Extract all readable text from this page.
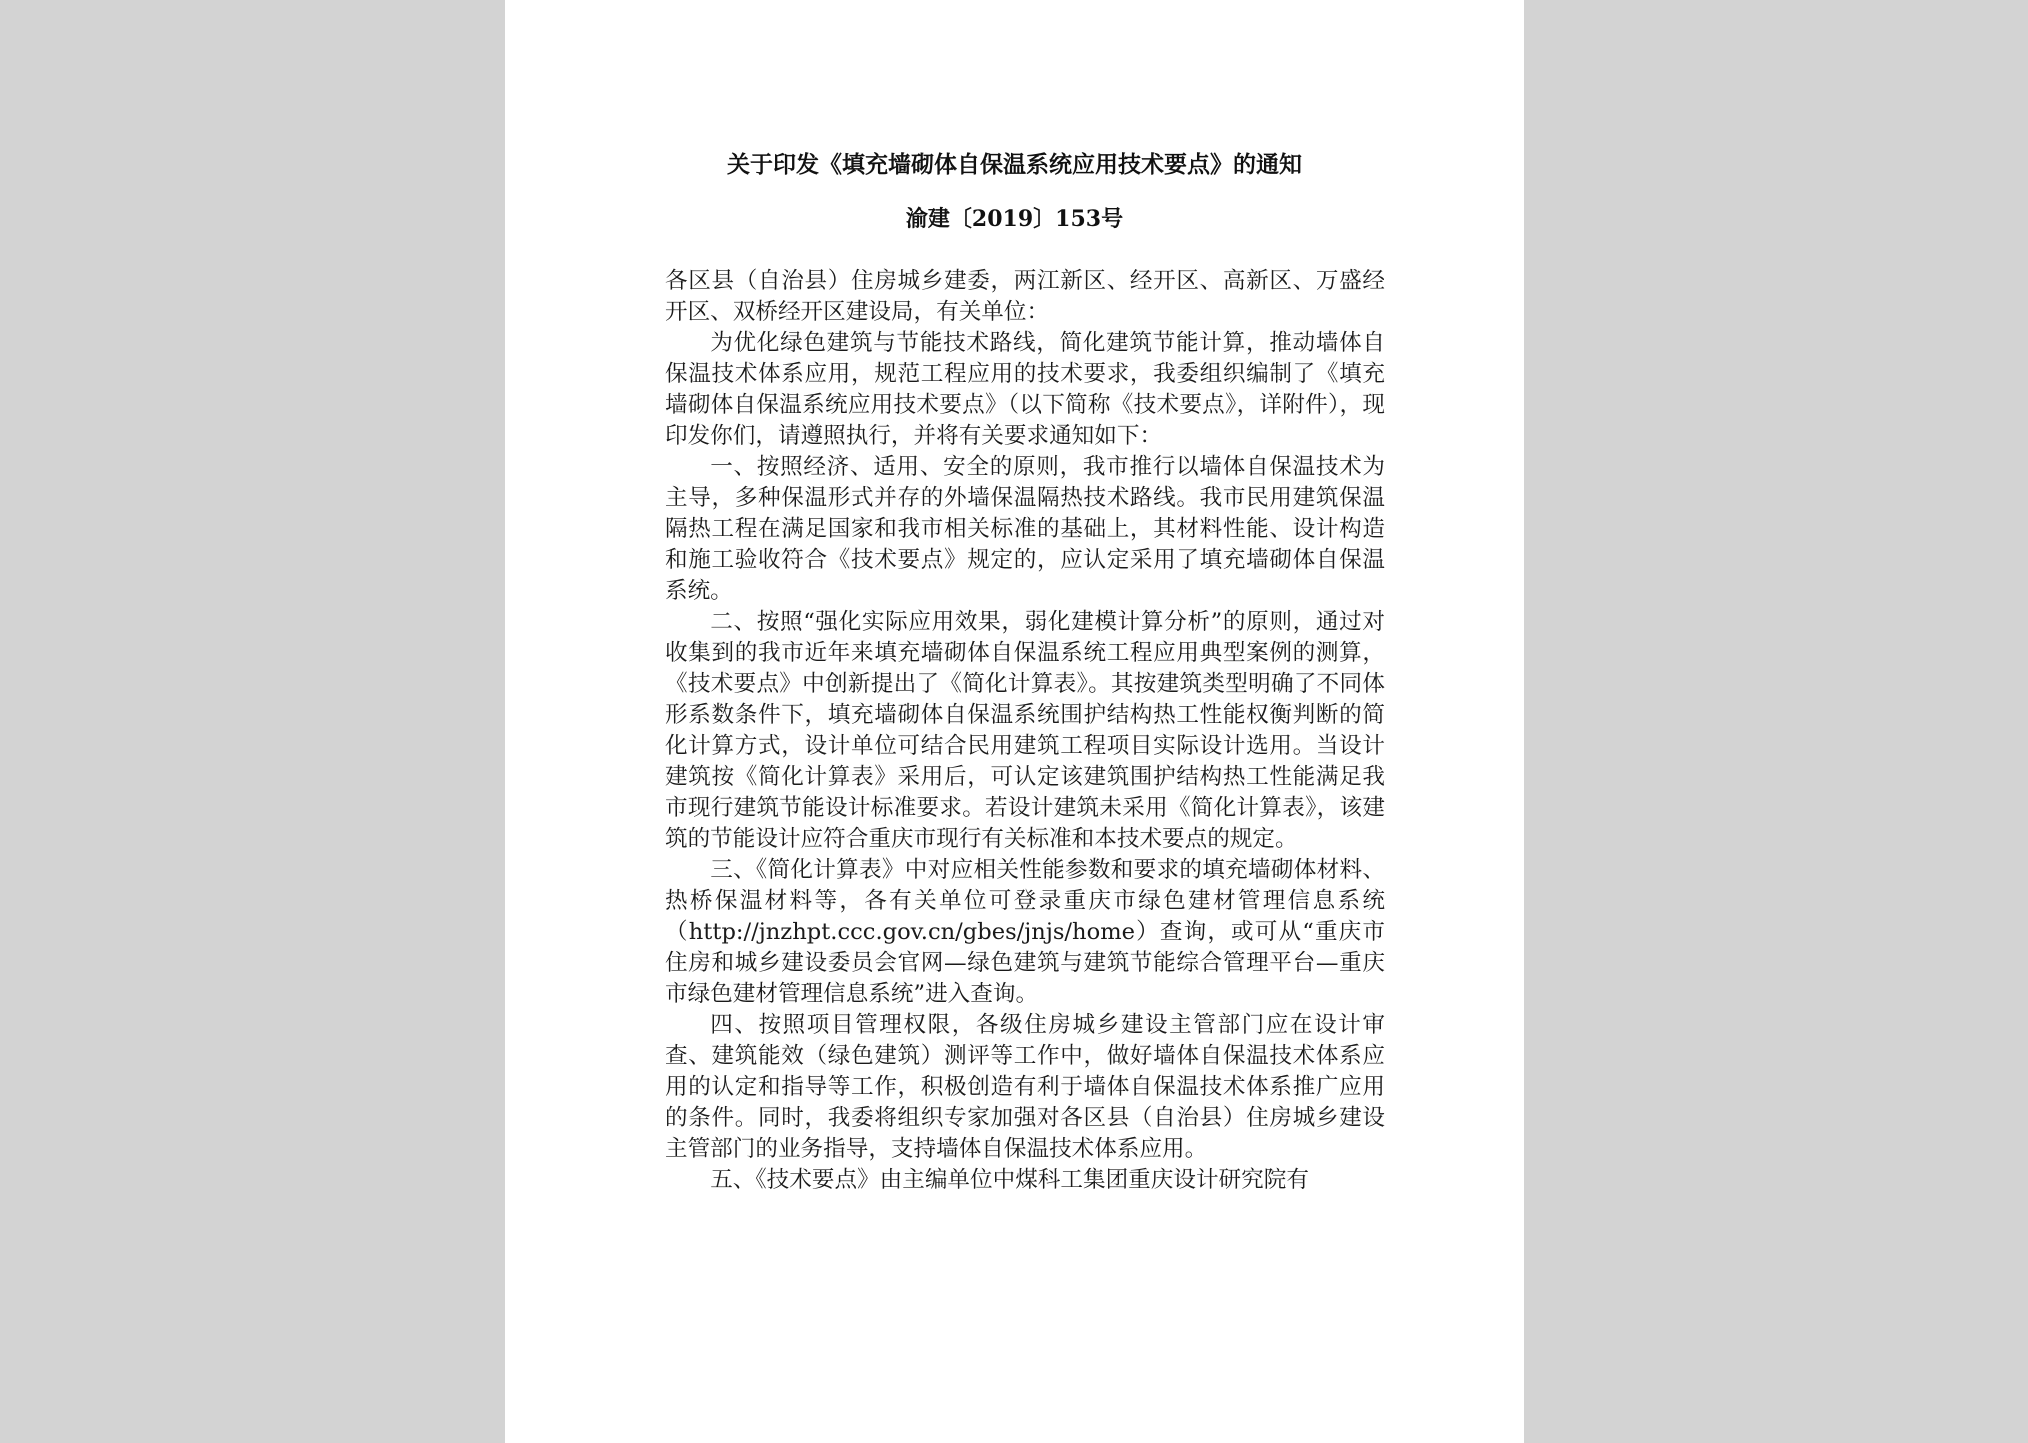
关于印发《填充墙砌体自保温系统应用技术要点》的通知
渝建〔2019〕153号

各区县（自治县）住房城乡建委，两江新区、经开区、高新区、万盛经开区、双桥经开区建设局，有关单位：

为优化绿色建筑与节能技术路线，简化建筑节能计算，推动墙体自保温技术体系应用，规范工程应用的技术要求，我委组织编制了《填充墙砌体自保温系统应用技术要点》（以下简称《技术要点》，详附件），现印发你们，请遵照执行，并将有关要求通知如下：

一、按照经济、适用、安全的原则，我市推行以墙体自保温技术为主导，多种保温形式并存的外墙保温隔热技术路线。我市民用建筑保温隔热工程在满足国家和我市相关标准的基础上，其材料性能、设计构造和施工验收符合《技术要点》规定的，应认定采用了填充墙砌体自保温系统。

二、按照“强化实际应用效果，弱化建模计算分析”的原则，通过对收集到的我市近年来填充墙砌体自保温系统工程应用典型案例的测算，《技术要点》中创新提出了《简化计算表》。其按建筑类型明确了不同体形系数条件下，填充墙砌体自保温系统围护结构热工性能权衡判断的简化计算方式，设计单位可结合民用建筑工程项目实际设计选用。当设计建筑按《简化计算表》采用后，可认定该建筑围护结构热工性能满足我市现行建筑节能设计标准要求。若设计建筑未采用《简化计算表》，该建筑的节能设计应符合重庆市现行有关标准和本技术要点的规定。

三、《简化计算表》中对应相关性能参数和要求的填充墙砌体材料、热桥保温材料等，各有关单位可登录重庆市绿色建材管理信息系统（http://jnzhpt.ccc.gov.cn/gbes/jnjs/home）查询，或可从“重庆市住房和城乡建设委员会官网—绿色建筑与建筑节能综合管理平台—重庆市绿色建材管理信息系统”进入查询。

四、按照项目管理权限，各级住房城乡建设主管部门应在设计审查、建筑能效（绿色建筑）测评等工作中，做好墙体自保温技术体系应用的认定和指导等工作，积极创造有利于墙体自保温技术体系推广应用的条件。同时，我委将组织专家加强对各区县（自治县）住房城乡建设主管部门的业务指导，支持墙体自保温技术体系应用。

五、《技术要点》由主编单位中煤科工集团重庆设计研究院有
